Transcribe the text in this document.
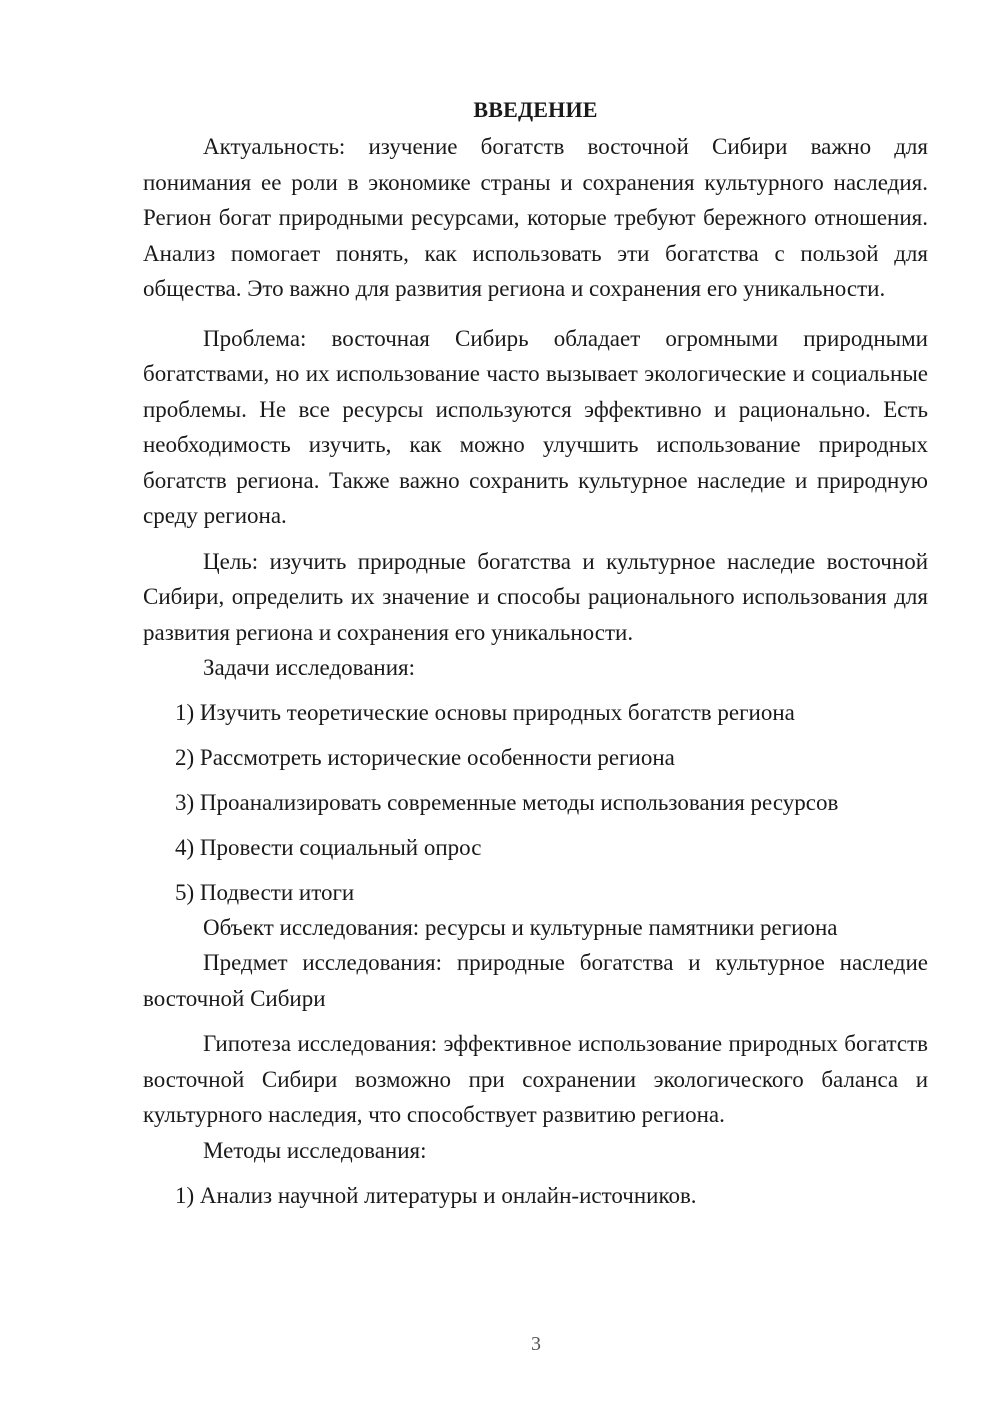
ВВЕДЕНИЕ

Актуальность: изучение богатств восточной Сибири важно для понимания ее роли в экономике страны и сохранения культурного наследия. Регион богат природными ресурсами, которые требуют бережного отношения. Анализ помогает понять, как использовать эти богатства с пользой для общества. Это важно для развития региона и сохранения его уникальности.

Проблема: восточная Сибирь обладает огромными природными богатствами, но их использование часто вызывает экологические и социальные проблемы. Не все ресурсы используются эффективно и рационально. Есть необходимость изучить, как можно улучшить использование природных богатств региона. Также важно сохранить культурное наследие и природную среду региона.

Цель: изучить природные богатства и культурное наследие восточной Сибири, определить их значение и способы рационального использования для развития региона и сохранения его уникальности.

Задачи исследования:

1) Изучить теоретические основы природных богатств региона

2) Рассмотреть исторические особенности региона

3) Проанализировать современные методы использования ресурсов

4) Провести социальный опрос

5) Подвести итоги

Объект исследования: ресурсы и культурные памятники региона

Предмет исследования: природные богатства и культурное наследие восточной Сибири

Гипотеза исследования: эффективное использование природных богатств восточной Сибири возможно при сохранении экологического баланса и культурного наследия, что способствует развитию региона.

Методы исследования:

1) Анализ научной литературы и онлайн-источников.

3
